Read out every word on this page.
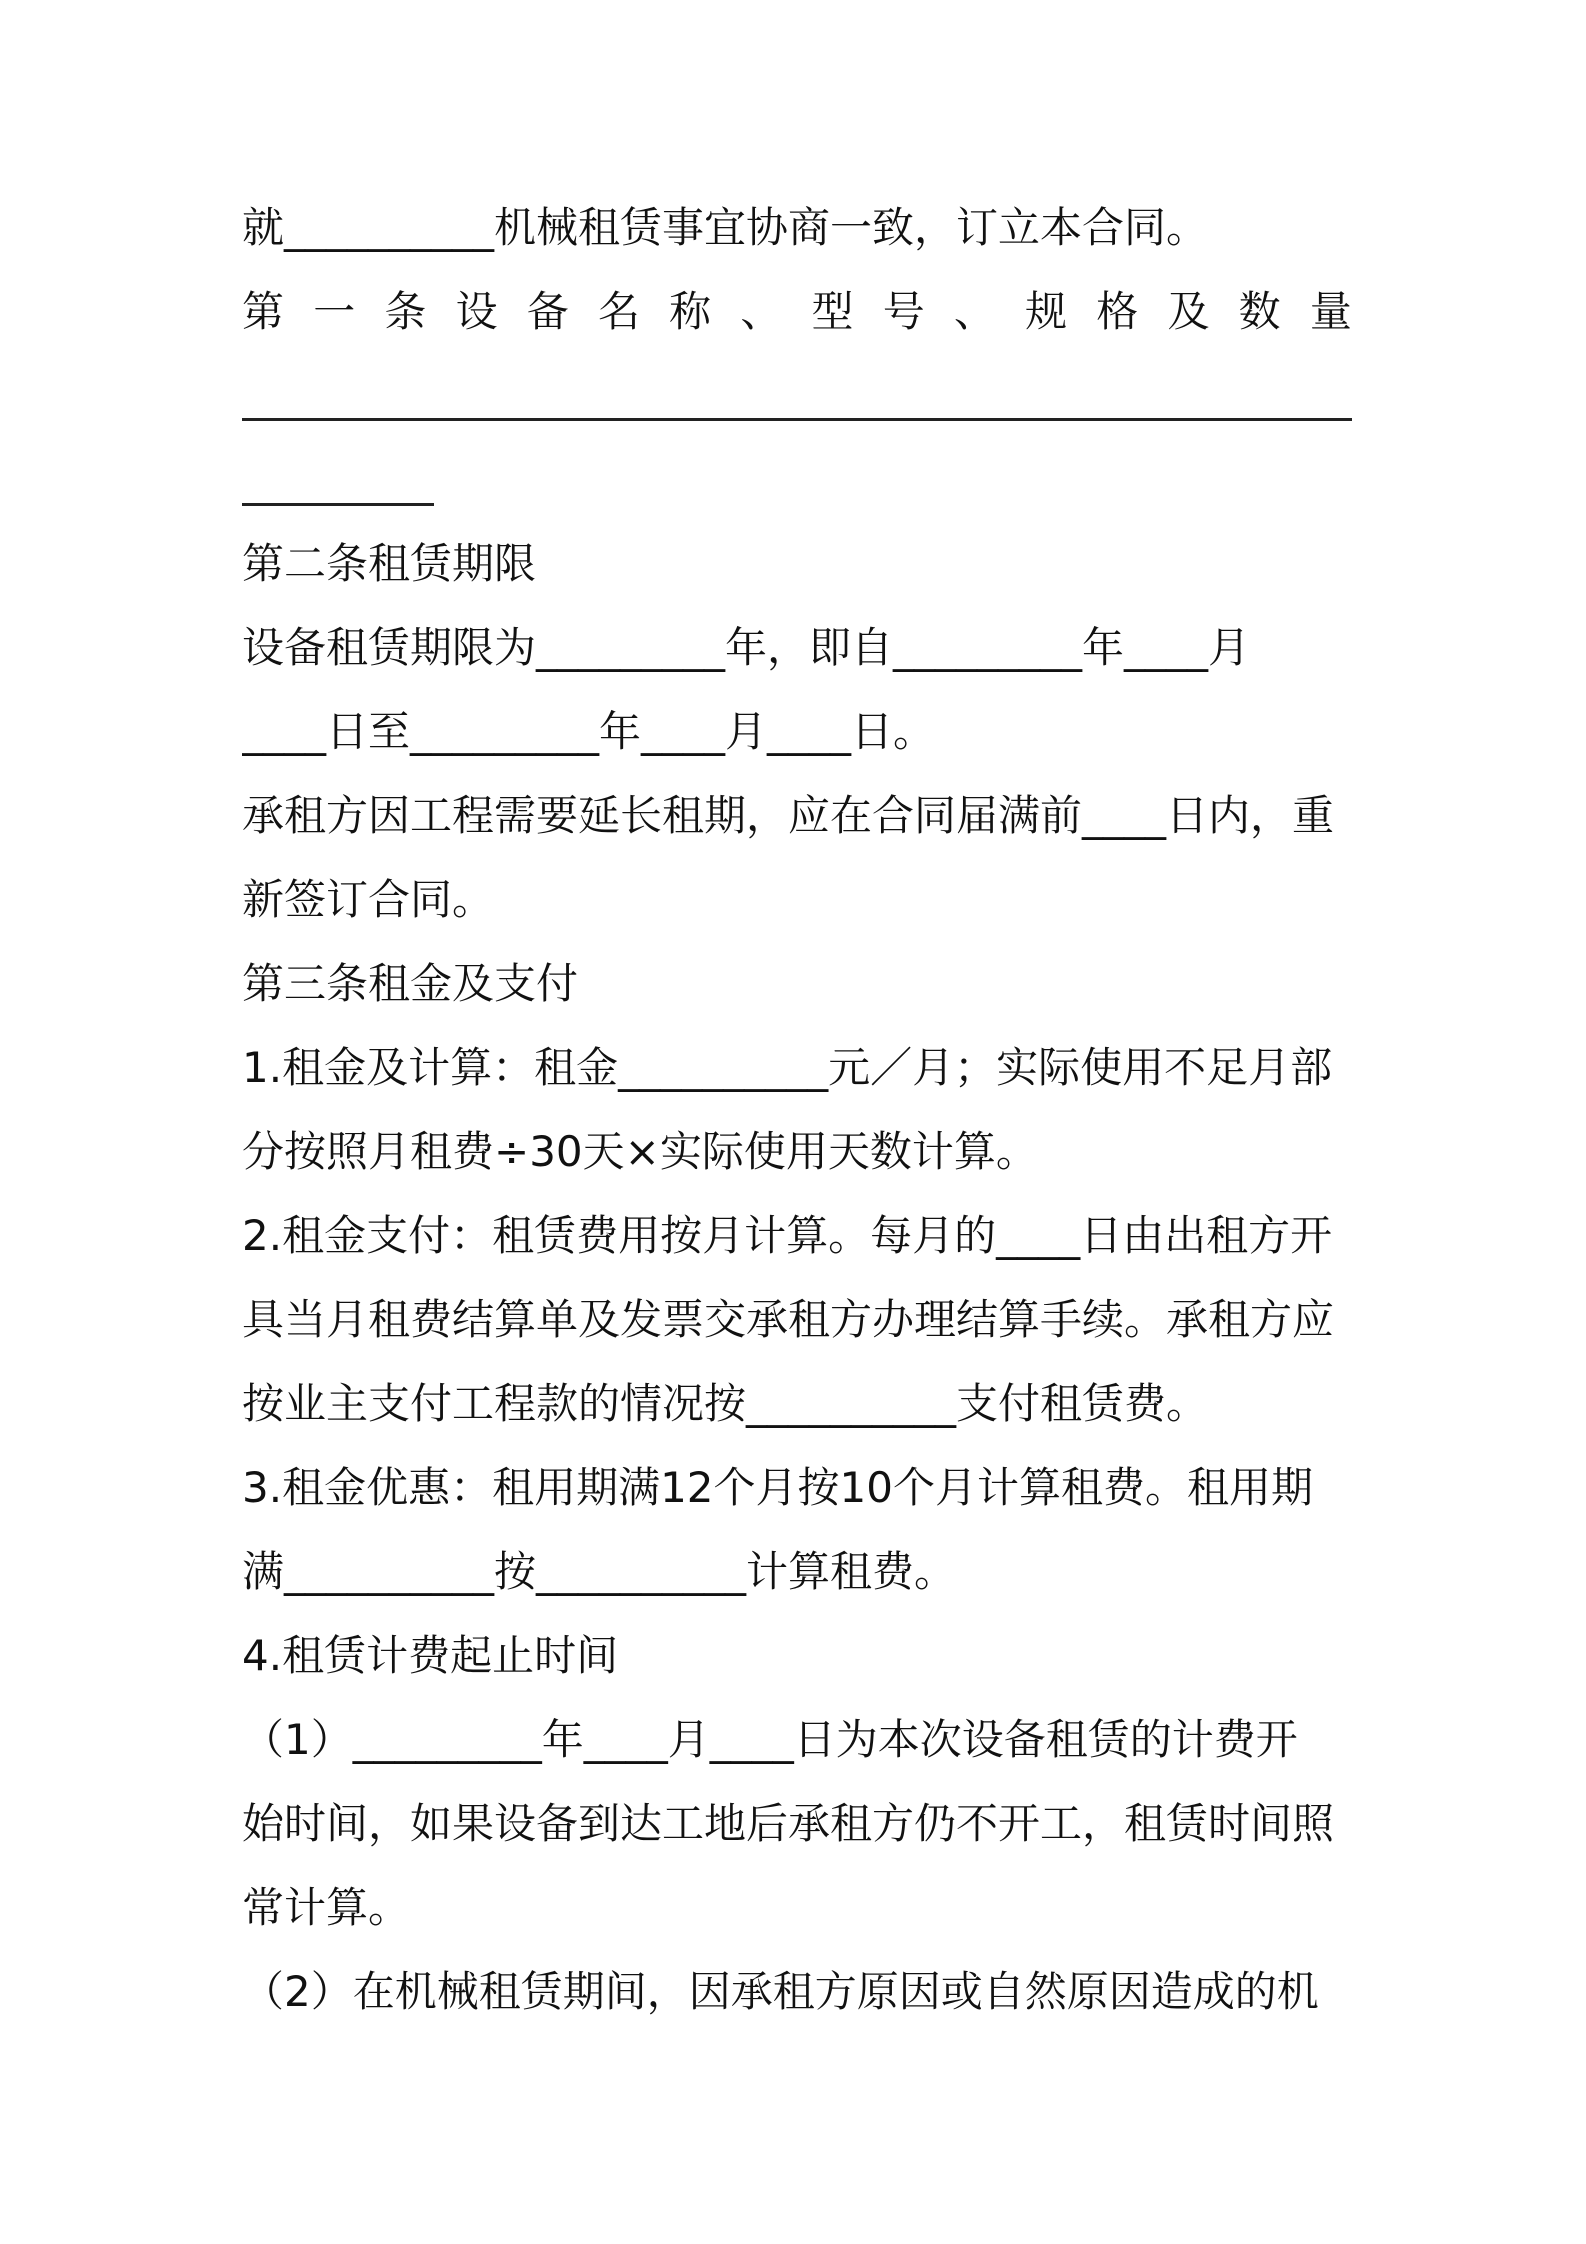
就__________机械租赁事宜协商一致，订立本合同。
第 一 条 设 备 名 称 、 型 号 、 规 格 及 数 量
第二条租赁期限
设备租赁期限为_________年，即自_________年____月
____日至_________年____月____日。
承租方因工程需要延长租期，应在合同届满前____日内，重
新签订合同。
第三条租金及支付
1.租金及计算：租金__________元／月；实际使用不足月部
分按照月租费÷30天×实际使用天数计算。
2.租金支付：租赁费用按月计算。每月的____日由出租方开
具当月租费结算单及发票交承租方办理结算手续。承租方应
按业主支付工程款的情况按__________支付租赁费。
3.租金优惠：租用期满12个月按10个月计算租费。租用期
满__________按__________计算租费。
4.租赁计费起止时间
（1）_________年____月____日为本次设备租赁的计费开
始时间，如果设备到达工地后承租方仍不开工，租赁时间照
常计算。
（2）在机械租赁期间，因承租方原因或自然原因造成的机
